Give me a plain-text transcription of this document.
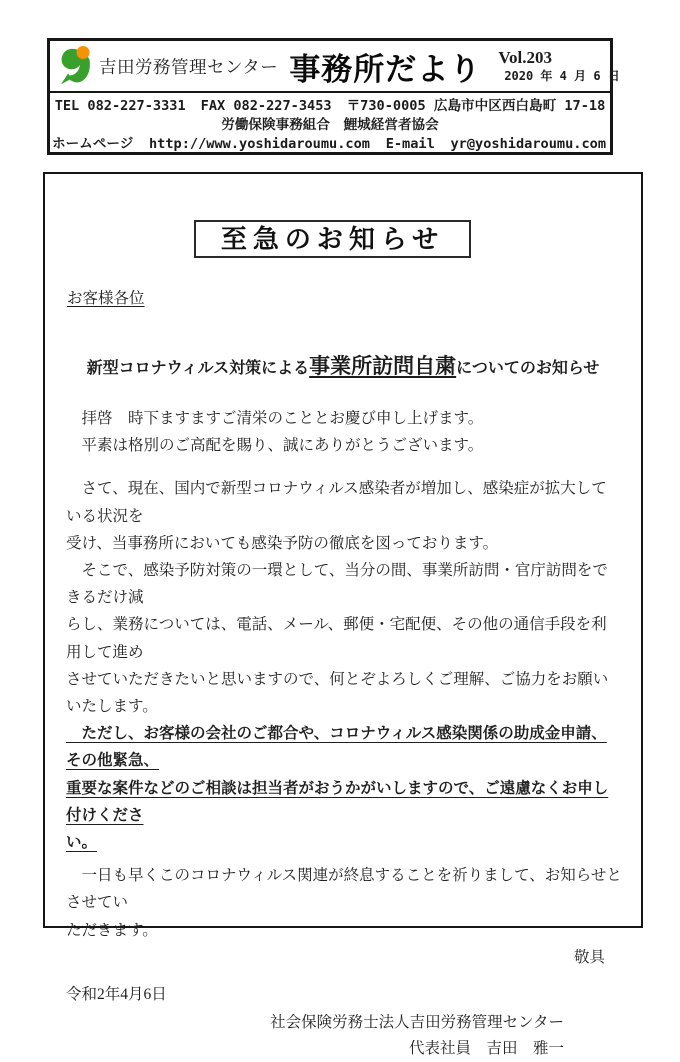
吉田労務管理センター 事務所だより Vol.203
2020 年 4 月 6 日
TEL 082-227-3331 FAX 082-227-3453 〒730-0005 広島市中区西白島町 17-18
労働保険事務組合　鯉城経営者協会
ホームページ http://www.yoshidaroumu.com E-mail yr@yoshidaroumu.com
至急のお知らせ
お客様各位
新型コロナウィルス対策による事業所訪問自粛についてのお知らせ
　拝啓　時下ますますご清栄のこととお慶び申し上げます。
　平素は格別のご高配を賜り、誠にありがとうございます。
　さて、現在、国内で新型コロナウィルス感染者が増加し、感染症が拡大している状況を
受け、当事務所においても感染予防の徹底を図っております。
　そこで、感染予防対策の一環として、当分の間、事業所訪問・官庁訪問をできるだけ減
らし、業務については、電話、メール、郵便・宅配便、その他の通信手段を利用して進め
させていただきたいと思いますので、何とぞよろしくご理解、ご協力をお願いいたします。
　ただし、お客様の会社のご都合や、コロナウィルス感染関係の助成金申請、その他緊急、
重要な案件などのご相談は担当者がおうかがいしますので、ご遠慮なくお申し付けくださ
い。
　一日も早くこのコロナウィルス関連が終息することを祈りまして、お知らせとさせてい
ただきます。
敬具
令和2年4月6日
社会保険労務士法人吉田労務管理センター
代表社員　吉田　雅一
